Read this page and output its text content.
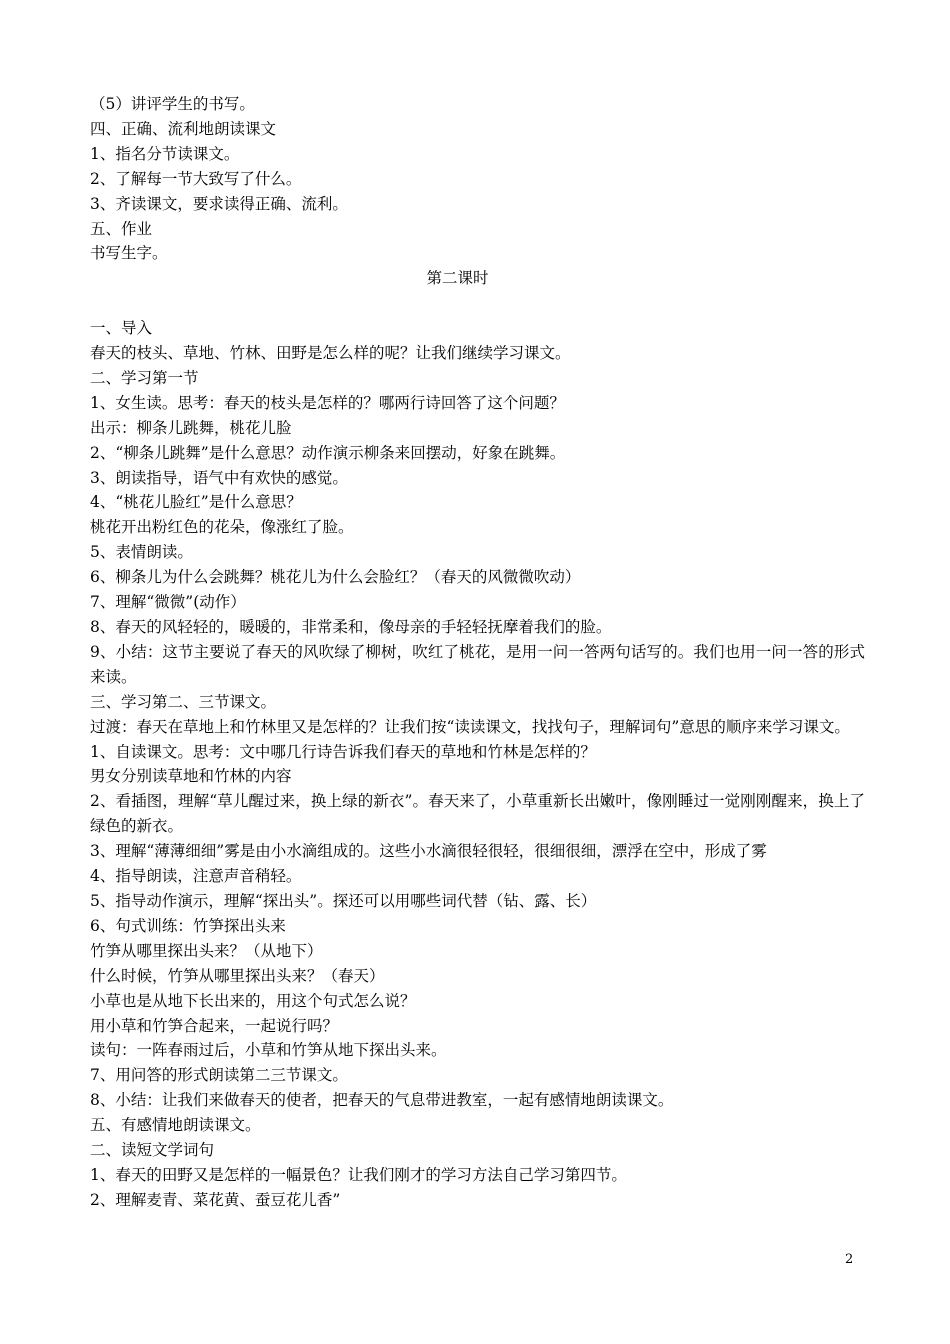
（5）讲评学生的书写。
四、正确、流利地朗读课文
1、指名分节读课文。
2、了解每一节大致写了什么。
3、齐读课文，要求读得正确、流利。
五、作业
书写生字。
第二课时
一、导入
春天的枝头、草地、竹林、田野是怎么样的呢？让我们继续学习课文。
二、学习第一节
1、女生读。思考：春天的枝头是怎样的？哪两行诗回答了这个问题？
出示：柳条儿跳舞，桃花儿脸
2、“柳条儿跳舞”是什么意思？动作演示柳条来回摆动，好象在跳舞。
3、朗读指导，语气中有欢快的感觉。
4、“桃花儿脸红”是什么意思？
桃花开出粉红色的花朵，像涨红了脸。
5、表情朗读。
6、柳条儿为什么会跳舞？桃花儿为什么会脸红？（春天的风微微吹动）
7、理解“微微”(动作）
8、春天的风轻轻的，暖暖的，非常柔和，像母亲的手轻轻抚摩着我们的脸。
9、小结：这节主要说了春天的风吹绿了柳树，吹红了桃花，是用一问一答两句话写的。我们也用一问一答的形式来读。
三、学习第二、三节课文。
过渡：春天在草地上和竹林里又是怎样的？让我们按“读读课文，找找句子，理解词句”意思的顺序来学习课文。
1、自读课文。思考：文中哪几行诗告诉我们春天的草地和竹林是怎样的？
男女分别读草地和竹林的内容
2、看插图，理解“草儿醒过来，换上绿的新衣”。春天来了，小草重新长出嫩叶，像刚睡过一觉刚刚醒来，换上了绿色的新衣。
3、理解“薄薄细细”雾是由小水滴组成的。这些小水滴很轻很轻，很细很细，漂浮在空中，形成了雾
4、指导朗读，注意声音稍轻。
5、指导动作演示，理解“探出头”。探还可以用哪些词代替（钻、露、长）
6、句式训练：竹笋探出头来
竹笋从哪里探出头来？（从地下）
什么时候，竹笋从哪里探出头来？（春天）
小草也是从地下长出来的，用这个句式怎么说？
用小草和竹笋合起来，一起说行吗？
读句：一阵春雨过后，小草和竹笋从地下探出头来。
7、用问答的形式朗读第二三节课文。
8、小结：让我们来做春天的使者，把春天的气息带进教室，一起有感情地朗读课文。
五、有感情地朗读课文。
二、读短文学词句
1、春天的田野又是怎样的一幅景色？让我们刚才的学习方法自己学习第四节。
2、理解麦青、菜花黄、蚕豆花儿香”
2
